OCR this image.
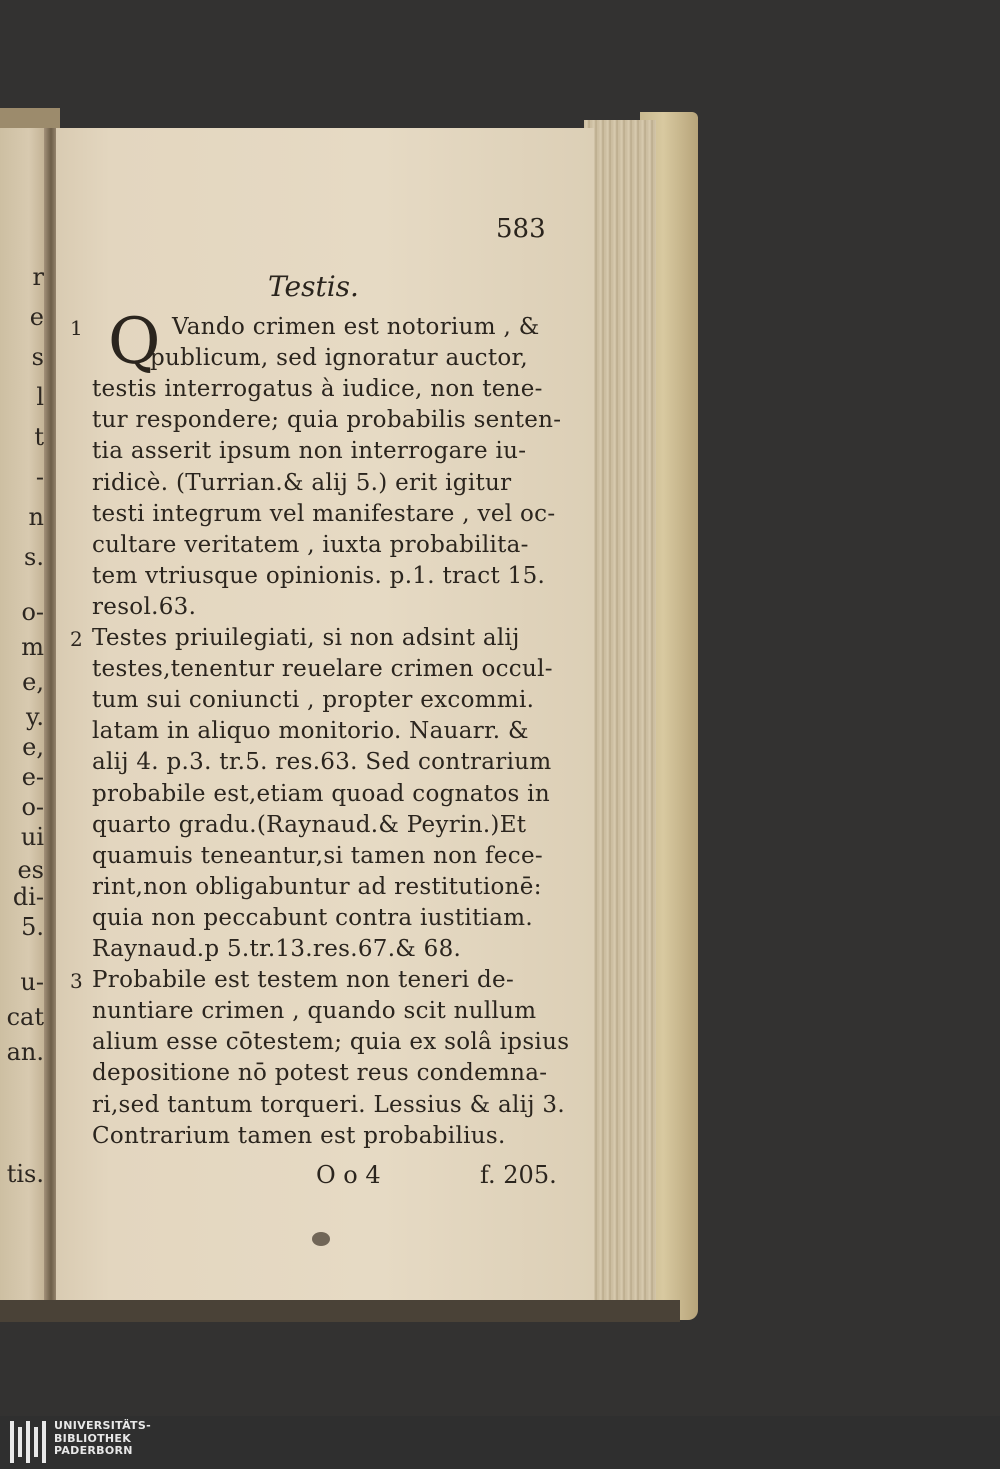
r
e
s
l
t
-
n
s.
o-
m
e,
y.
e,
e-
o-
ui
es
di-
5.
u-
cat
an.
tis.
583
Testis.
Q Vando crimen est notorium , &
1
publicum, sed ignoratur auctor,
testis interrogatus à iudice, non tene-
tur respondere; quia probabilis senten-
tia asserit ipsum non interrogare iu-
ridicè. (Turrian.& alij 5.) erit igitur
testi integrum vel manifestare , vel oc-
cultare veritatem , iuxta probabilita-
tem vtriusque opinionis. p.1. tract 15.
resol.63.
Testes priuilegiati, si non adsint alij
2
testes,tenentur reuelare crimen occul-
tum sui coniuncti , propter excommi.
latam in aliquo monitorio. Nauarr. &
alij 4. p.3. tr.5. res.63. Sed contrarium
probabile est,etiam quoad cognatos in
quarto gradu.(Raynaud.& Peyrin.)Et
quamuis teneantur,si tamen non fece-
rint,non obligabuntur ad restitutionē:
quia non peccabunt contra iustitiam.
Raynaud.p 5.tr.13.res.67.& 68.
Probabile est testem non teneri de-
3
nuntiare crimen , quando scit nullum
alium esse cōtestem; quia ex solâ ipsius
depositione nō potest reus condemna-
ri,sed tantum torqueri. Lessius & alij 3.
Contrarium tamen est probabilius.
O o 4	f. 205.
UNIVERSITÄTS-
BIBLIOTHEK
PADERBORN
